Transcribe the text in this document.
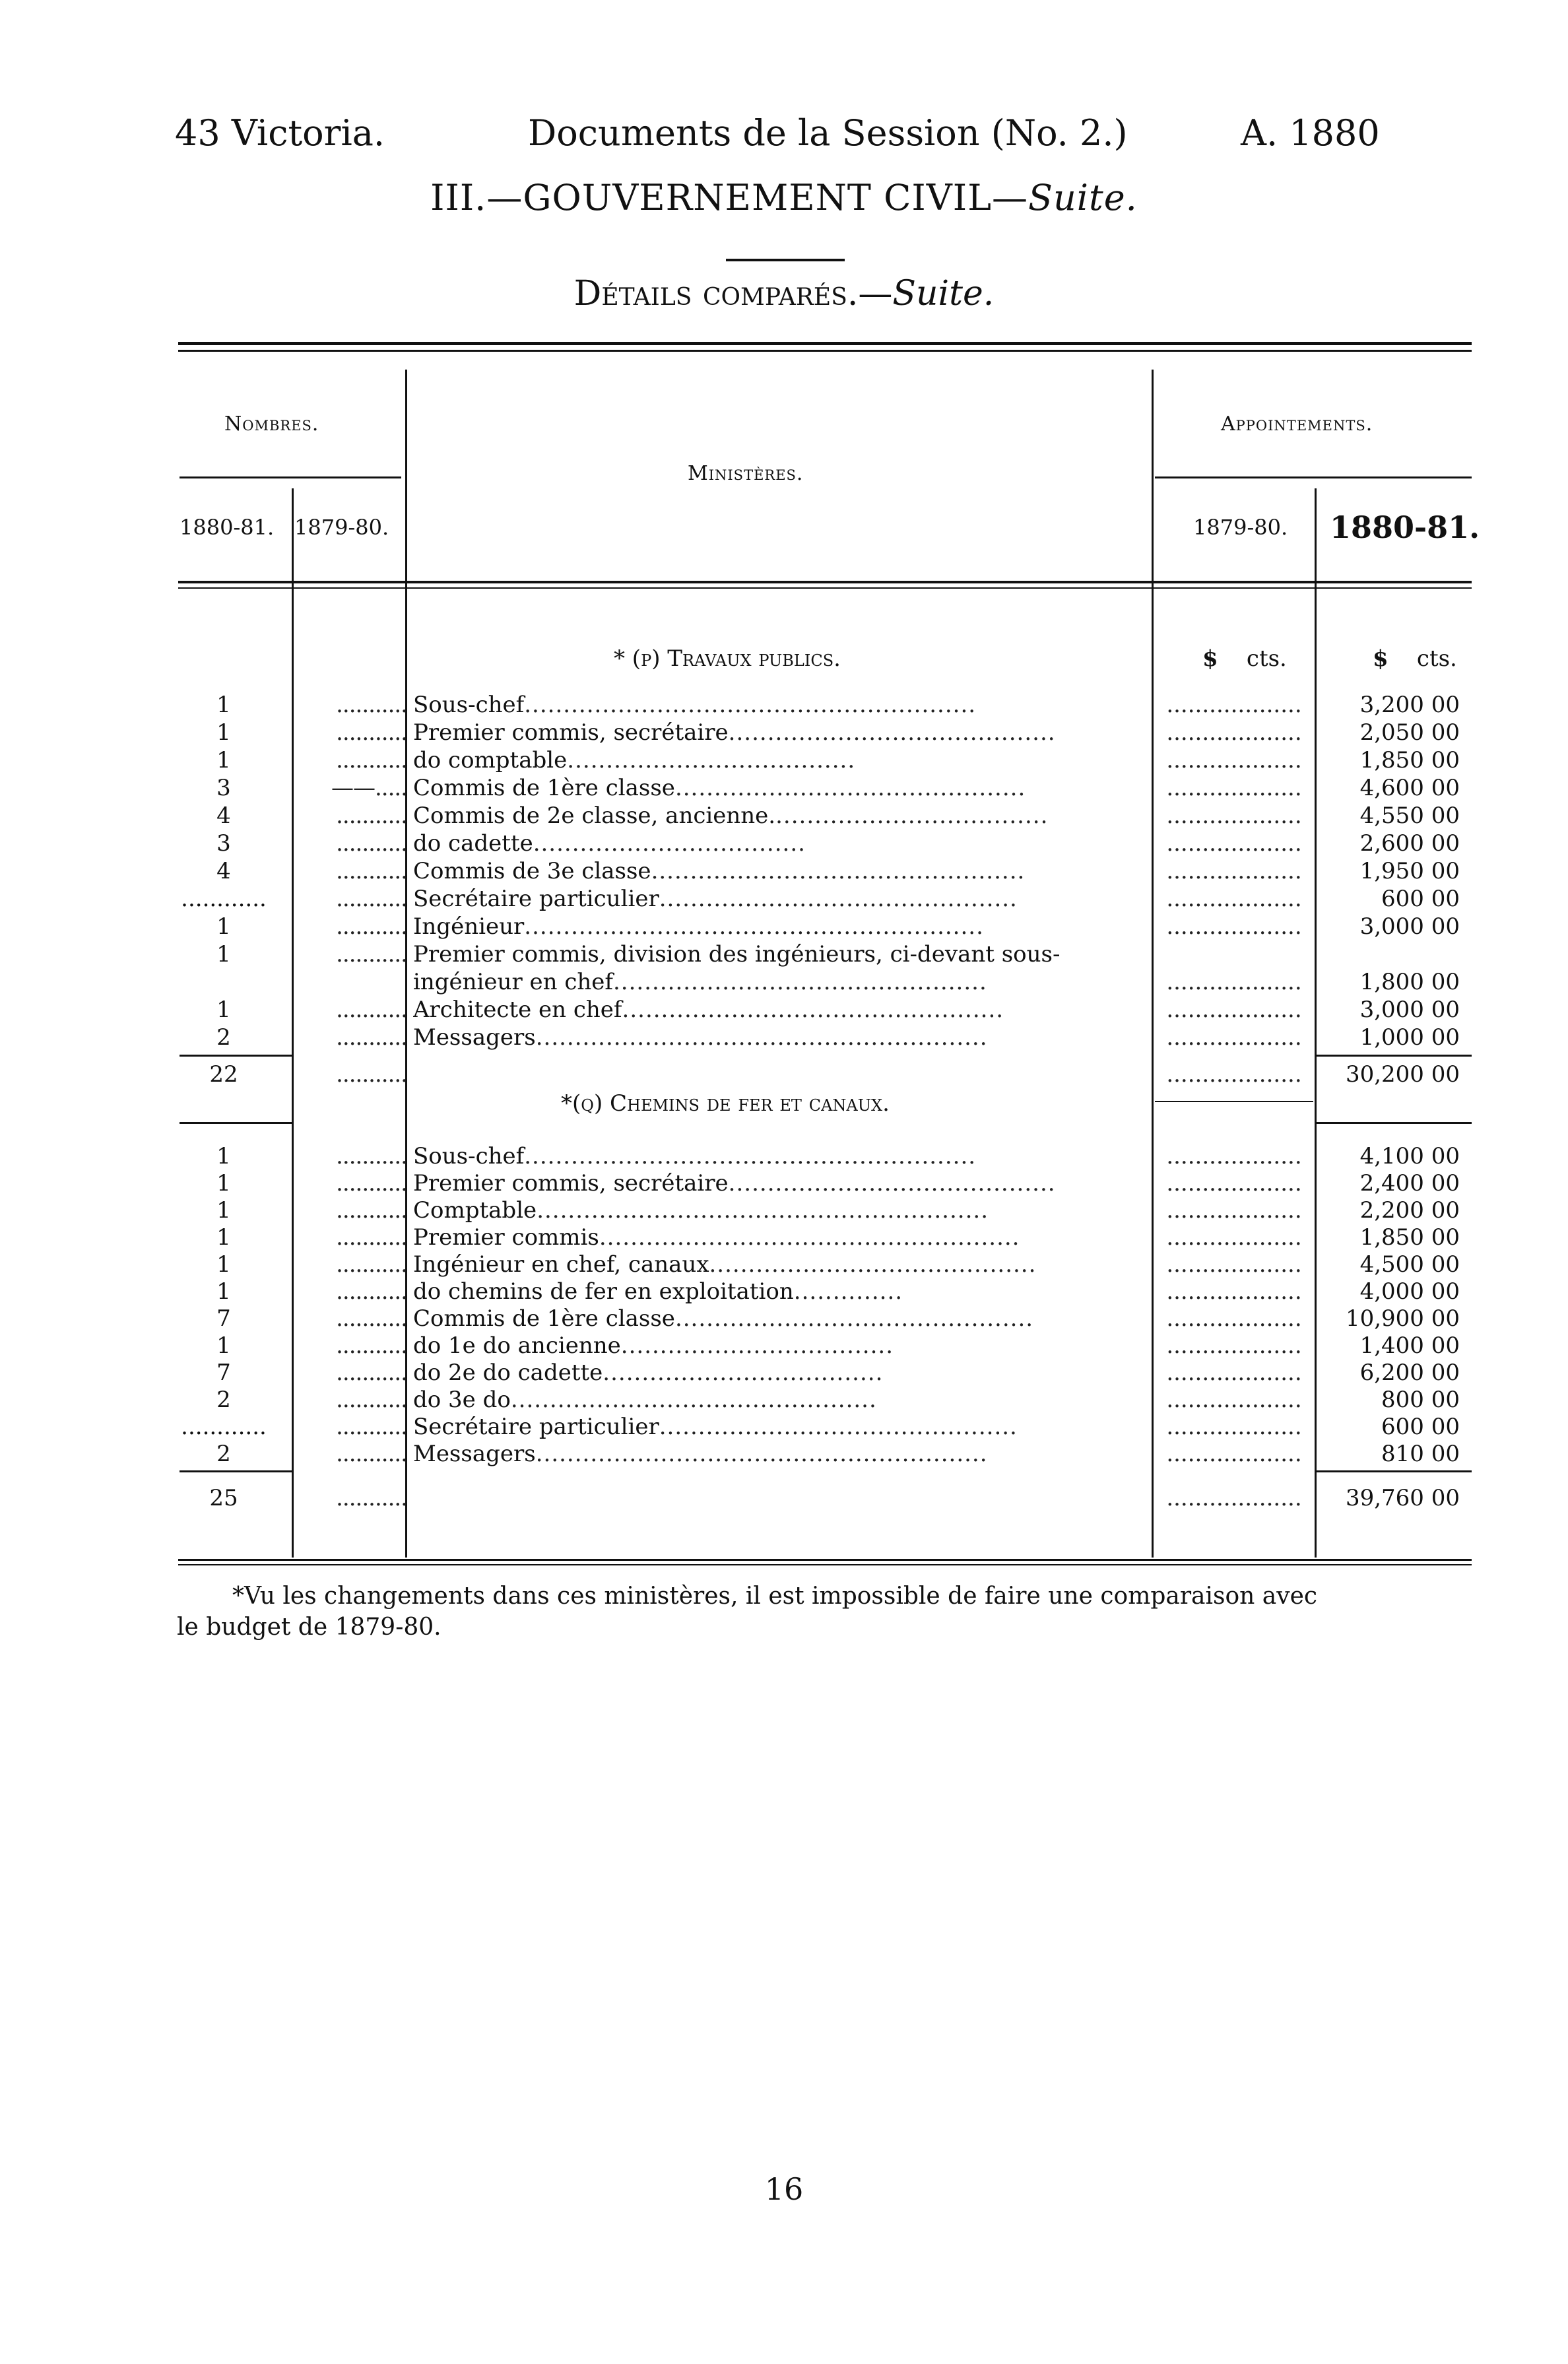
43 Victoria.	Documents de la Session (No. 2.)	A. 1880
III.—GOUVERNEMENT CIVIL—Suite.
Détails comparés.—Suite.
Nombres.
1880-81. 1879-80.
Ministères.
Appointements.
1879-80. 1880-81.
* (p) Travaux publics.	$ cts.	$ cts.
1	........... Sous-chef..........................................................	...................	3,200 00
1	........... Premier commis, secrétaire..........................................	...................	2,050 00
1	........... do comptable.....................................	...................	1,850 00
3	——..... Commis de 1ère classe.............................................	...................	4,600 00
4	........... Commis de 2e classe, ancienne....................................	...................	4,550 00
3	........... do cadette...................................	...................	2,600 00
4	........... Commis de 3e classe................................................	...................	1,950 00
............	........... Secrétaire particulier..............................................	...................	600 00
1	........... Ingénieur...........................................................	...................	3,000 00
1	........... Premier commis, division des ingénieurs, ci-devant sous-
ingénieur en chef................................................	...................	1,800 00
1	........... Architecte en chef.................................................	...................	3,000 00
2	........... Messagers..........................................................	...................	1,000 00
22	...........	...................	30,200 00
*(q) Chemins de fer et canaux.
1	........... Sous-chef..........................................................	...................	4,100 00
1	........... Premier commis, secrétaire..........................................	...................	2,400 00
1	........... Comptable..........................................................	...................	2,200 00
1	........... Premier commis......................................................	...................	1,850 00
1	........... Ingénieur en chef, canaux..........................................	...................	4,500 00
1	........... do chemins de fer en exploitation..............	...................	4,000 00
7	........... Commis de 1ère classe..............................................	...................	10,900 00
1	........... do 1e do ancienne...................................	...................	1,400 00
7	........... do 2e do cadette....................................	...................	6,200 00
2	........... do 3e do...............................................	...................	800 00
............	........... Secrétaire particulier..............................................	...................	600 00
2	........... Messagers..........................................................	...................	810 00
25	...........	...................	39,760 00
*Vu les changements dans ces ministères, il est impossible de faire une comparaison avec
le budget de 1879-80.
16
